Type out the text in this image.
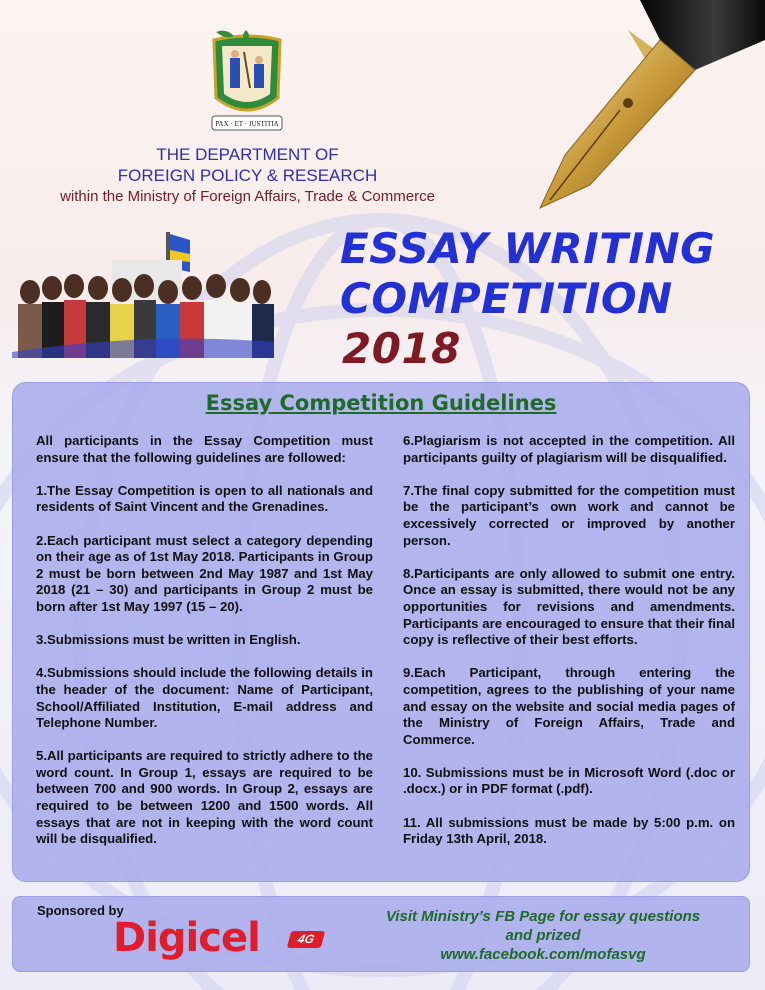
PAX · ET · JUSTITIA
THE DEPARTMENT OF
FOREIGN POLICY & RESEARCH
within the Ministry of Foreign Affairs, Trade & Commerce
ESSAY WRITING
COMPETITION
2018
Essay Competition Guidelines

All participants in the Essay Competition must ensure that the following guidelines are followed:

1.The Essay Competition is open to all nationals and residents of Saint Vincent and the Grenadines.

2.Each participant must select a category depending on their age as of 1st May 2018. Participants in Group 2 must be born between 2nd May 1987 and 1st May 2018 (21 – 30) and participants in Group 2 must be born after 1st May 1997 (15 – 20).

3.Submissions must be written in English.

4.Submissions should include the following details in the header of the document: Name of Participant, School/Affiliated Institution, E-mail address and Telephone Number.

5.All participants are required to strictly adhere to the word count. In Group 1, essays are required to be between 700 and 900 words. In Group 2, essays are required to be between 1200 and 1500 words. All essays that are not in keeping with the word count will be disqualified.

6.Plagiarism is not accepted in the competition. All participants guilty of plagiarism will be disqualified.

7.The final copy submitted for the competition must be the participant’s own work and cannot be excessively corrected or improved by another person.

8.Participants are only allowed to submit one entry. Once an essay is submitted, there would not be any opportunities for revisions and amendments. Participants are encouraged to ensure that their final copy is reflective of their best efforts.

9.Each Participant, through entering the competition, agrees to the publishing of your name and essay on the website and social media pages of the Ministry of Foreign Affairs, Trade and Commerce.

10. Submissions must be in Microsoft Word (.doc or .docx.) or in PDF format (.pdf).

11. All submissions must be made by 5:00 p.m. on Friday 13th April, 2018.

Sponsored by
Digicel	4G
Visit Ministry’s FB Page for essay questions
and prized
www.facebook.com/mofasvg
